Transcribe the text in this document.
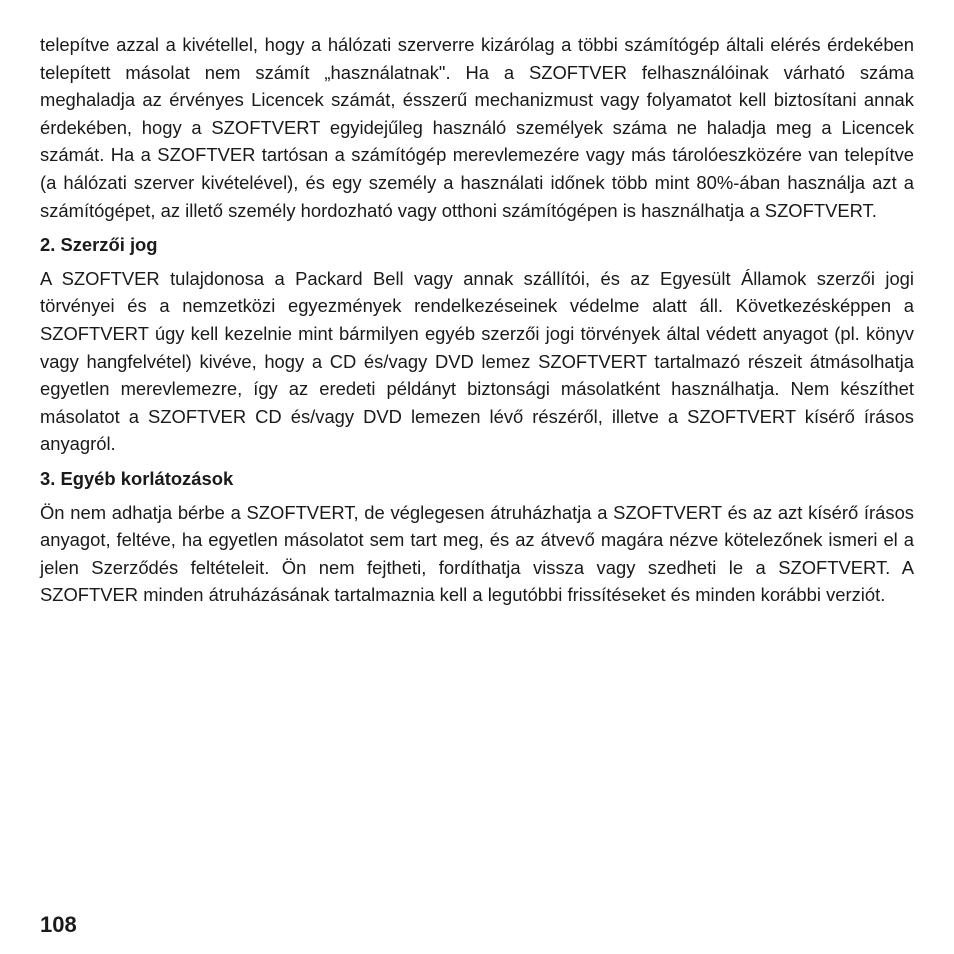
telepítve azzal a kivétellel, hogy a hálózati szerverre kizárólag a többi számítógép általi elérés érdekében telepített másolat nem számít „használatnak". Ha a SZOFTVER felhasználóinak várható száma meghaladja az érvényes Licencek számát, ésszerű mechanizmust vagy folyamatot kell biztosítani annak érdekében, hogy a SZOFTVERT egyidejűleg használó személyek száma ne haladja meg a Licencek számát. Ha a SZOFTVER tartósan a számítógép merevlemezére vagy más tárolóeszközére van telepítve (a hálózati szerver kivételével), és egy személy a használati időnek több mint 80%-ában használja azt a számítógépet, az illető személy hordozható vagy otthoni számítógépen is használhatja a SZOFTVERT.

2. Szerzői jog

A SZOFTVER tulajdonosa a Packard Bell vagy annak szállítói, és az Egyesült Államok szerzői jogi törvényei és a nemzetközi egyezmények rendelkezéseinek védelme alatt áll. Következésképpen a SZOFTVERT úgy kell kezelnie mint bármilyen egyéb szerzői jogi törvények által védett anyagot (pl. könyv vagy hangfelvétel) kivéve, hogy a CD és/vagy DVD lemez SZOFTVERT tartalmazó részeit átmásolhatja egyetlen merevlemezre, így az eredeti példányt biztonsági másolatként használhatja. Nem készíthet másolatot a SZOFTVER CD és/vagy DVD lemezen lévő részéről, illetve a SZOFTVERT kísérő írásos anyagról.

3. Egyéb korlátozások

Ön nem adhatja bérbe a SZOFTVERT, de véglegesen átruházhatja a SZOFTVERT és az azt kísérő írásos anyagot, feltéve, ha egyetlen másolatot sem tart meg, és az átvevő magára nézve kötelezőnek ismeri el a jelen Szerződés feltételeit. Ön nem fejtheti, fordíthatja vissza vagy szedheti le a SZOFTVERT. A SZOFTVER minden átruházásának tartalmaznia kell a legutóbbi frissítéseket és minden korábbi verziót.

108
